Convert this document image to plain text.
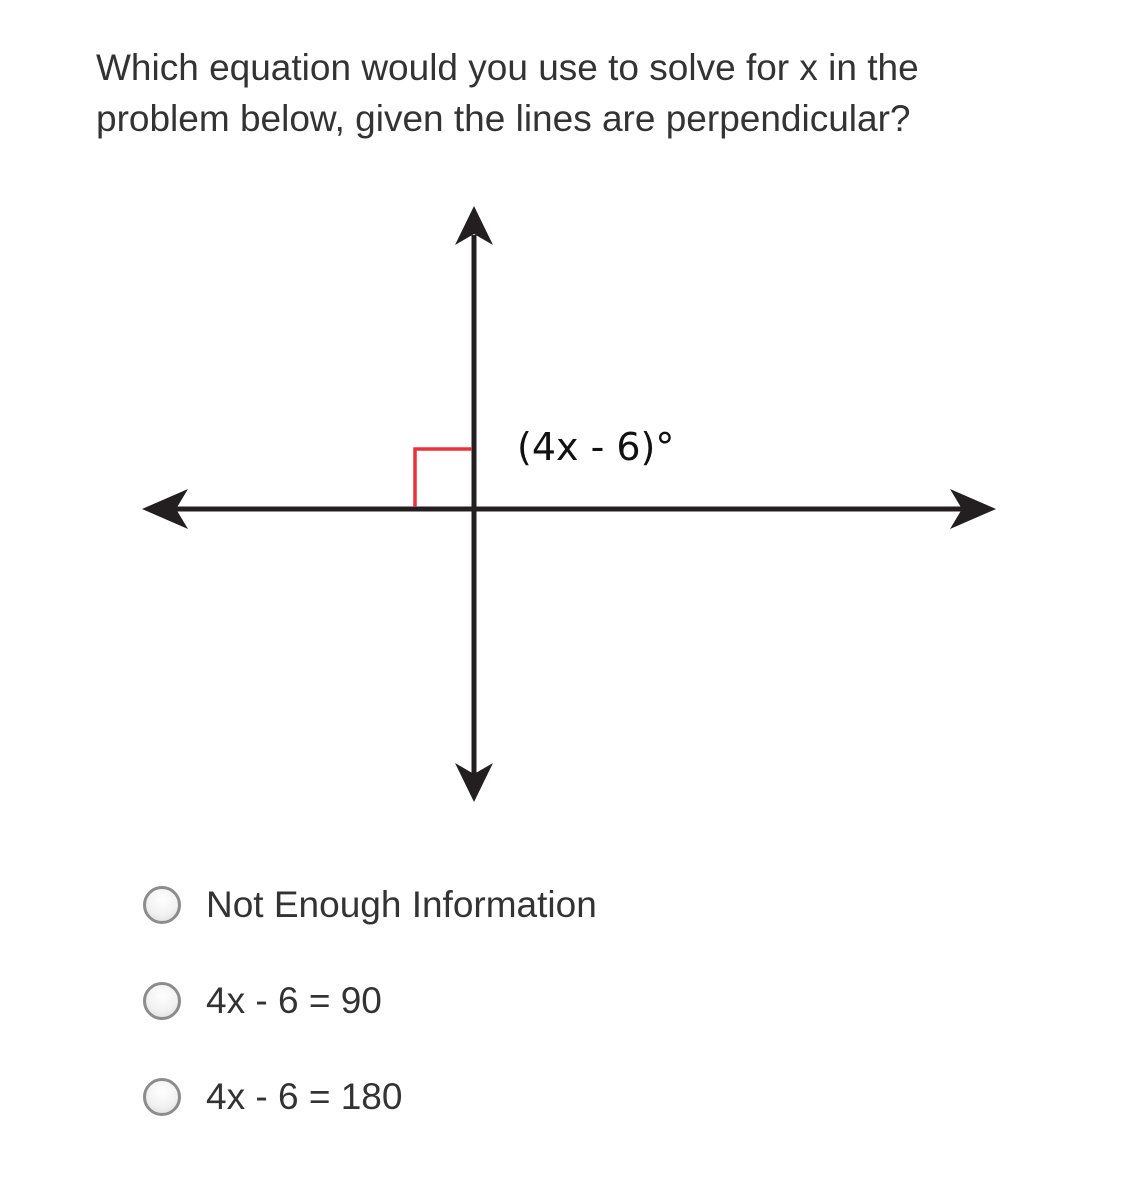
Which equation would you use to solve for x in the
problem below, given the lines are perpendicular?
(4x - 6)°
Not Enough Information
4x - 6 = 90
4x - 6 = 180
